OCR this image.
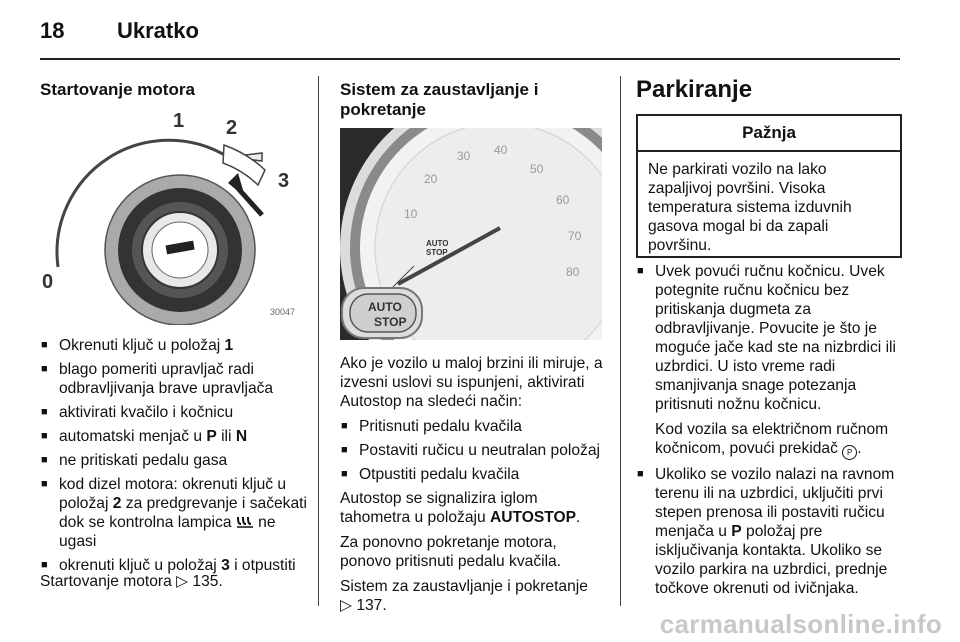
18 Ukratko
Startovanje motora
1 2
3
0
30047
■ Okrenuti ključ u položaj 1
■ blago pomeriti upravljač radi odbravljivanja brave upravljača
■ aktivirati kvačilo i kočnicu
■ automatski menjač u P ili N
■ ne pritiskati pedalu gasa
■ kod dizel motora: okrenuti ključ u položaj 2 za predgrevanje i sačekati dok se kontrolna lampica  ne ugasi
■ okrenuti ključ u položaj 3 i otpustiti
Startovanje motora ▷ 135.
Sistem za zaustavljanje i pokretanje
10
20
30 40
50
60
70
80
AUTO
STOP
AUTO
STOP

Ako je vozilo u maloj brzini ili miruje, a izvesni uslovi su ispunjeni, aktivirati Autostop na sledeći način:

■ Pritisnuti pedalu kvačila
■ Postaviti ručicu u neutralan položaj
■ Otpustiti pedalu kvačila

Autostop se signalizira iglom tahometra u položaju AUTOSTOP.

Za ponovno pokretanje motora, ponovo pritisnuti pedalu kvačila.

Sistem za zaustavljanje i pokretanje
▷ 137.

Parkiranje
Pažnja
Ne parkirati vozilo na lako zapaljivoj površini. Visoka temperatura sistema izduvnih gasova mogal bi da zapali površinu.
■ Uvek povući ručnu kočnicu. Uvek potegnite ručnu kočnicu bez pritiskanja dugmeta za odbravljivanje. Povucite je što je moguće jače kad ste na nizbrdici ili uzbrdici. U isto vreme radi smanjivanja snage potezanja pritisnuti nožnu kočnicu.
Kod vozila sa električnom ručnom kočnicom, povući prekidač P .
■ Ukoliko se vozilo nalazi na ravnom terenu ili na uzbrdici, uključiti prvi stepen prenosa ili postaviti ručicu menjača u P položaj pre isključivanja kontakta. Ukoliko se vozilo parkira na uzbrdici, prednje točkove okrenuti od ivičnjaka.
carmanualsonline.info
